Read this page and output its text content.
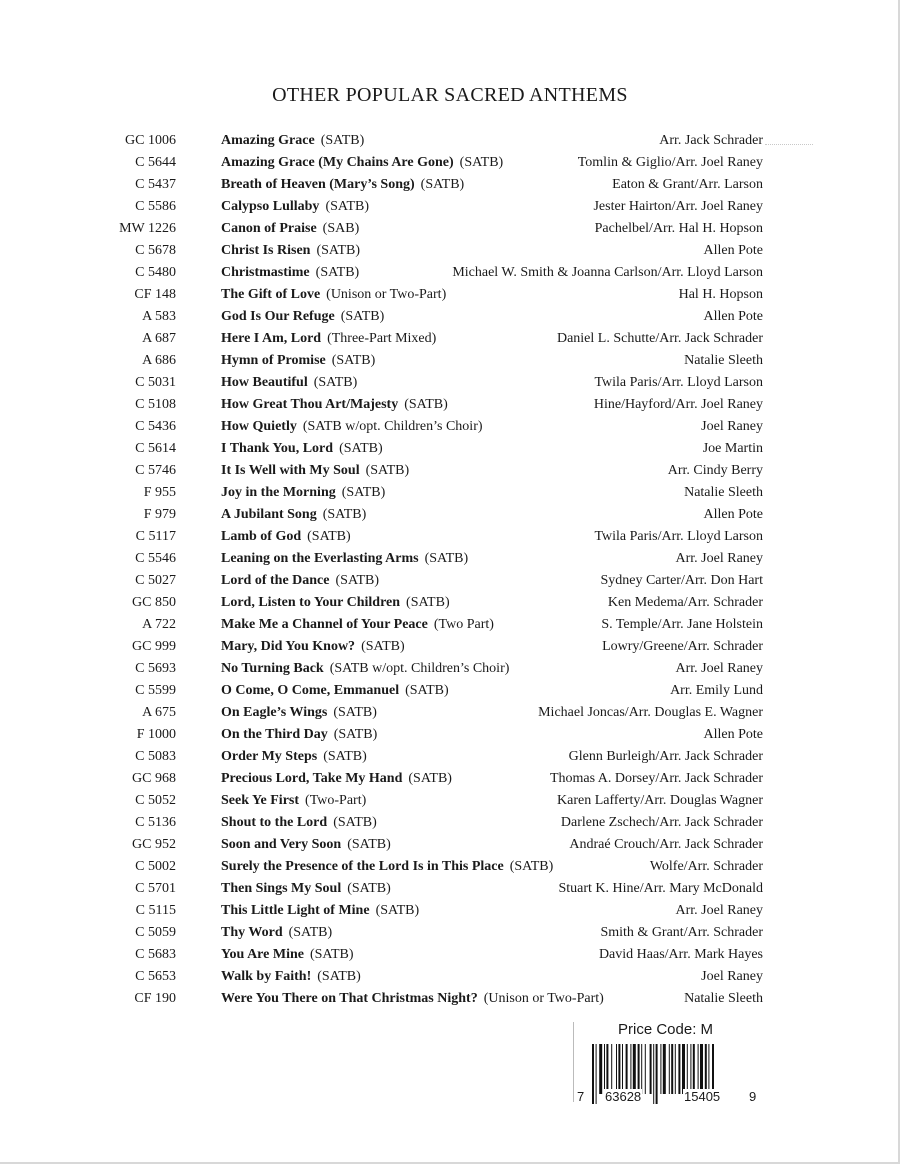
OTHER POPULAR SACRED ANTHEMS
GC 1006	Amazing Grace (SATB)	Arr. Jack Schrader
C 5644	Amazing Grace (My Chains Are Gone) (SATB)	Tomlin & Giglio/Arr. Joel Raney
C 5437	Breath of Heaven (Mary’s Song) (SATB)	Eaton & Grant/Arr. Larson
C 5586	Calypso Lullaby (SATB)	Jester Hairton/Arr. Joel Raney
MW 1226	Canon of Praise (SAB)	Pachelbel/Arr. Hal H. Hopson
C 5678	Christ Is Risen (SATB)	Allen Pote
C 5480	Christmastime (SATB)	Michael W. Smith & Joanna Carlson/Arr. Lloyd Larson
CF 148	The Gift of Love (Unison or Two-Part)	Hal H. Hopson
A 583	God Is Our Refuge (SATB)	Allen Pote
A 687	Here I Am, Lord (Three-Part Mixed)	Daniel L. Schutte/Arr. Jack Schrader
A 686	Hymn of Promise (SATB)	Natalie Sleeth
C 5031	How Beautiful (SATB)	Twila Paris/Arr. Lloyd Larson
C 5108	How Great Thou Art/Majesty (SATB)	Hine/Hayford/Arr. Joel Raney
C 5436	How Quietly (SATB w/opt. Children’s Choir)	Joel Raney
C 5614	I Thank You, Lord (SATB)	Joe Martin
C 5746	It Is Well with My Soul (SATB)	Arr. Cindy Berry
F 955	Joy in the Morning (SATB)	Natalie Sleeth
F 979	A Jubilant Song (SATB)	Allen Pote
C 5117	Lamb of God (SATB)	Twila Paris/Arr. Lloyd Larson
C 5546	Leaning on the Everlasting Arms (SATB)	Arr. Joel Raney
C 5027	Lord of the Dance (SATB)	Sydney Carter/Arr. Don Hart
GC 850	Lord, Listen to Your Children (SATB)	Ken Medema/Arr. Schrader
A 722	Make Me a Channel of Your Peace (Two Part)	S. Temple/Arr. Jane Holstein
GC 999	Mary, Did You Know? (SATB)	Lowry/Greene/Arr. Schrader
C 5693	No Turning Back (SATB w/opt. Children’s Choir)	Arr. Joel Raney
C 5599	O Come, O Come, Emmanuel (SATB)	Arr. Emily Lund
A 675	On Eagle’s Wings (SATB)	Michael Joncas/Arr. Douglas E. Wagner
F 1000	On the Third Day (SATB)	Allen Pote
C 5083	Order My Steps (SATB)	Glenn Burleigh/Arr. Jack Schrader
GC 968	Precious Lord, Take My Hand (SATB)	Thomas A. Dorsey/Arr. Jack Schrader
C 5052	Seek Ye First (Two-Part)	Karen Lafferty/Arr. Douglas Wagner
C 5136	Shout to the Lord (SATB)	Darlene Zschech/Arr. Jack Schrader
GC 952	Soon and Very Soon (SATB)	Andraé Crouch/Arr. Jack Schrader
C 5002	Surely the Presence of the Lord Is in This Place (SATB)	Wolfe/Arr. Schrader
C 5701	Then Sings My Soul (SATB)	Stuart K. Hine/Arr. Mary McDonald
C 5115	This Little Light of Mine (SATB)	Arr. Joel Raney
C 5059	Thy Word (SATB)	Smith & Grant/Arr. Schrader
C 5683	You Are Mine (SATB)	David Haas/Arr. Mark Hayes
C 5653	Walk by Faith! (SATB)	Joel Raney
CF 190	Were You There on That Christmas Night? (Unison or Two-Part)	Natalie Sleeth
Price Code: M
7 63628	15405 9
